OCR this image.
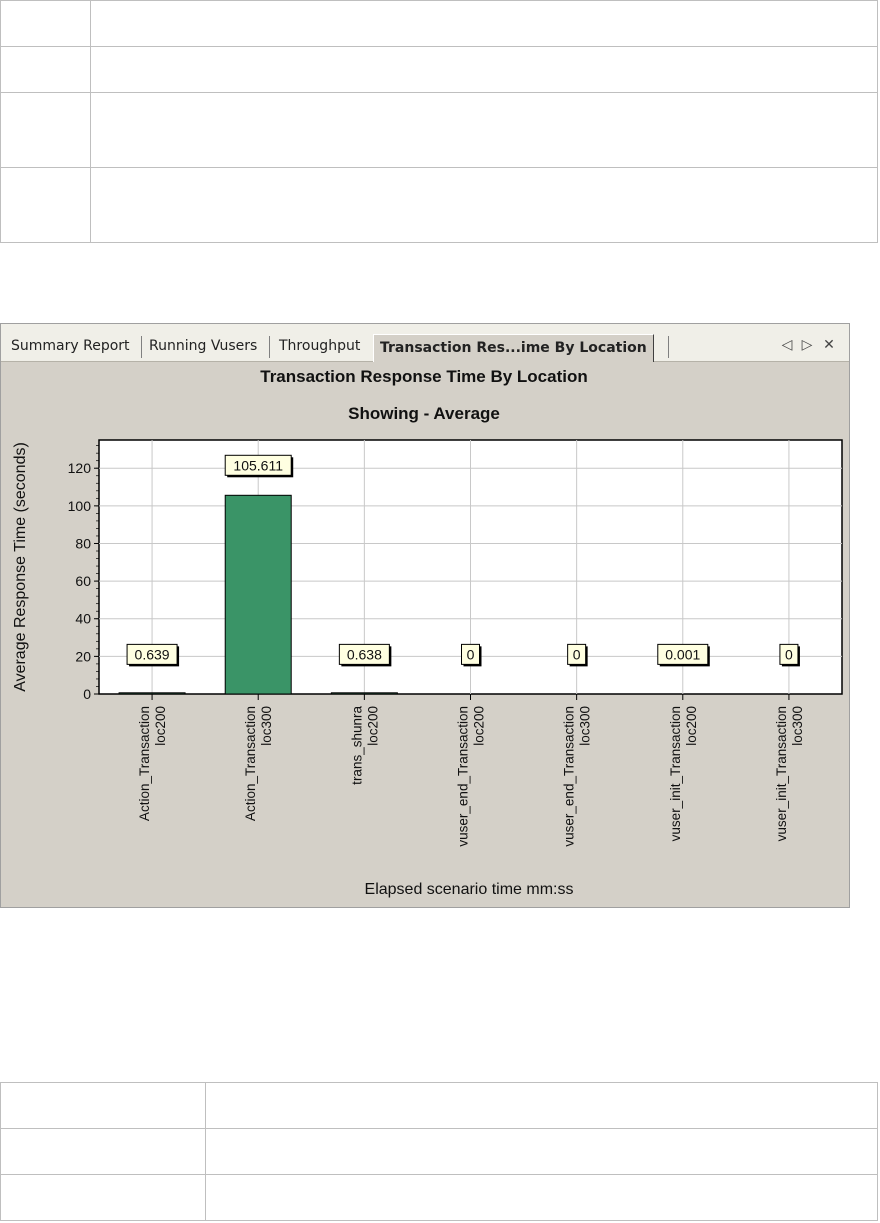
Summary Report Running Vusers Throughput	Transaction Res...ime By Location	◁ ▷ ✕
Transaction Response Time By Location
Showing - Average
0
20
40
60
80
100
120
Action_Transaction loc200	Action_Transaction loc300	trans_shunra loc200	vuser_end_Transaction loc200	vuser_end_Transaction loc300	vuser_init_Transaction loc200	vuser_init_Transaction loc300
0.639
105.611
0.638	0	0	0.001	0
Average Response Time (seconds)
Elapsed scenario time mm:ss
